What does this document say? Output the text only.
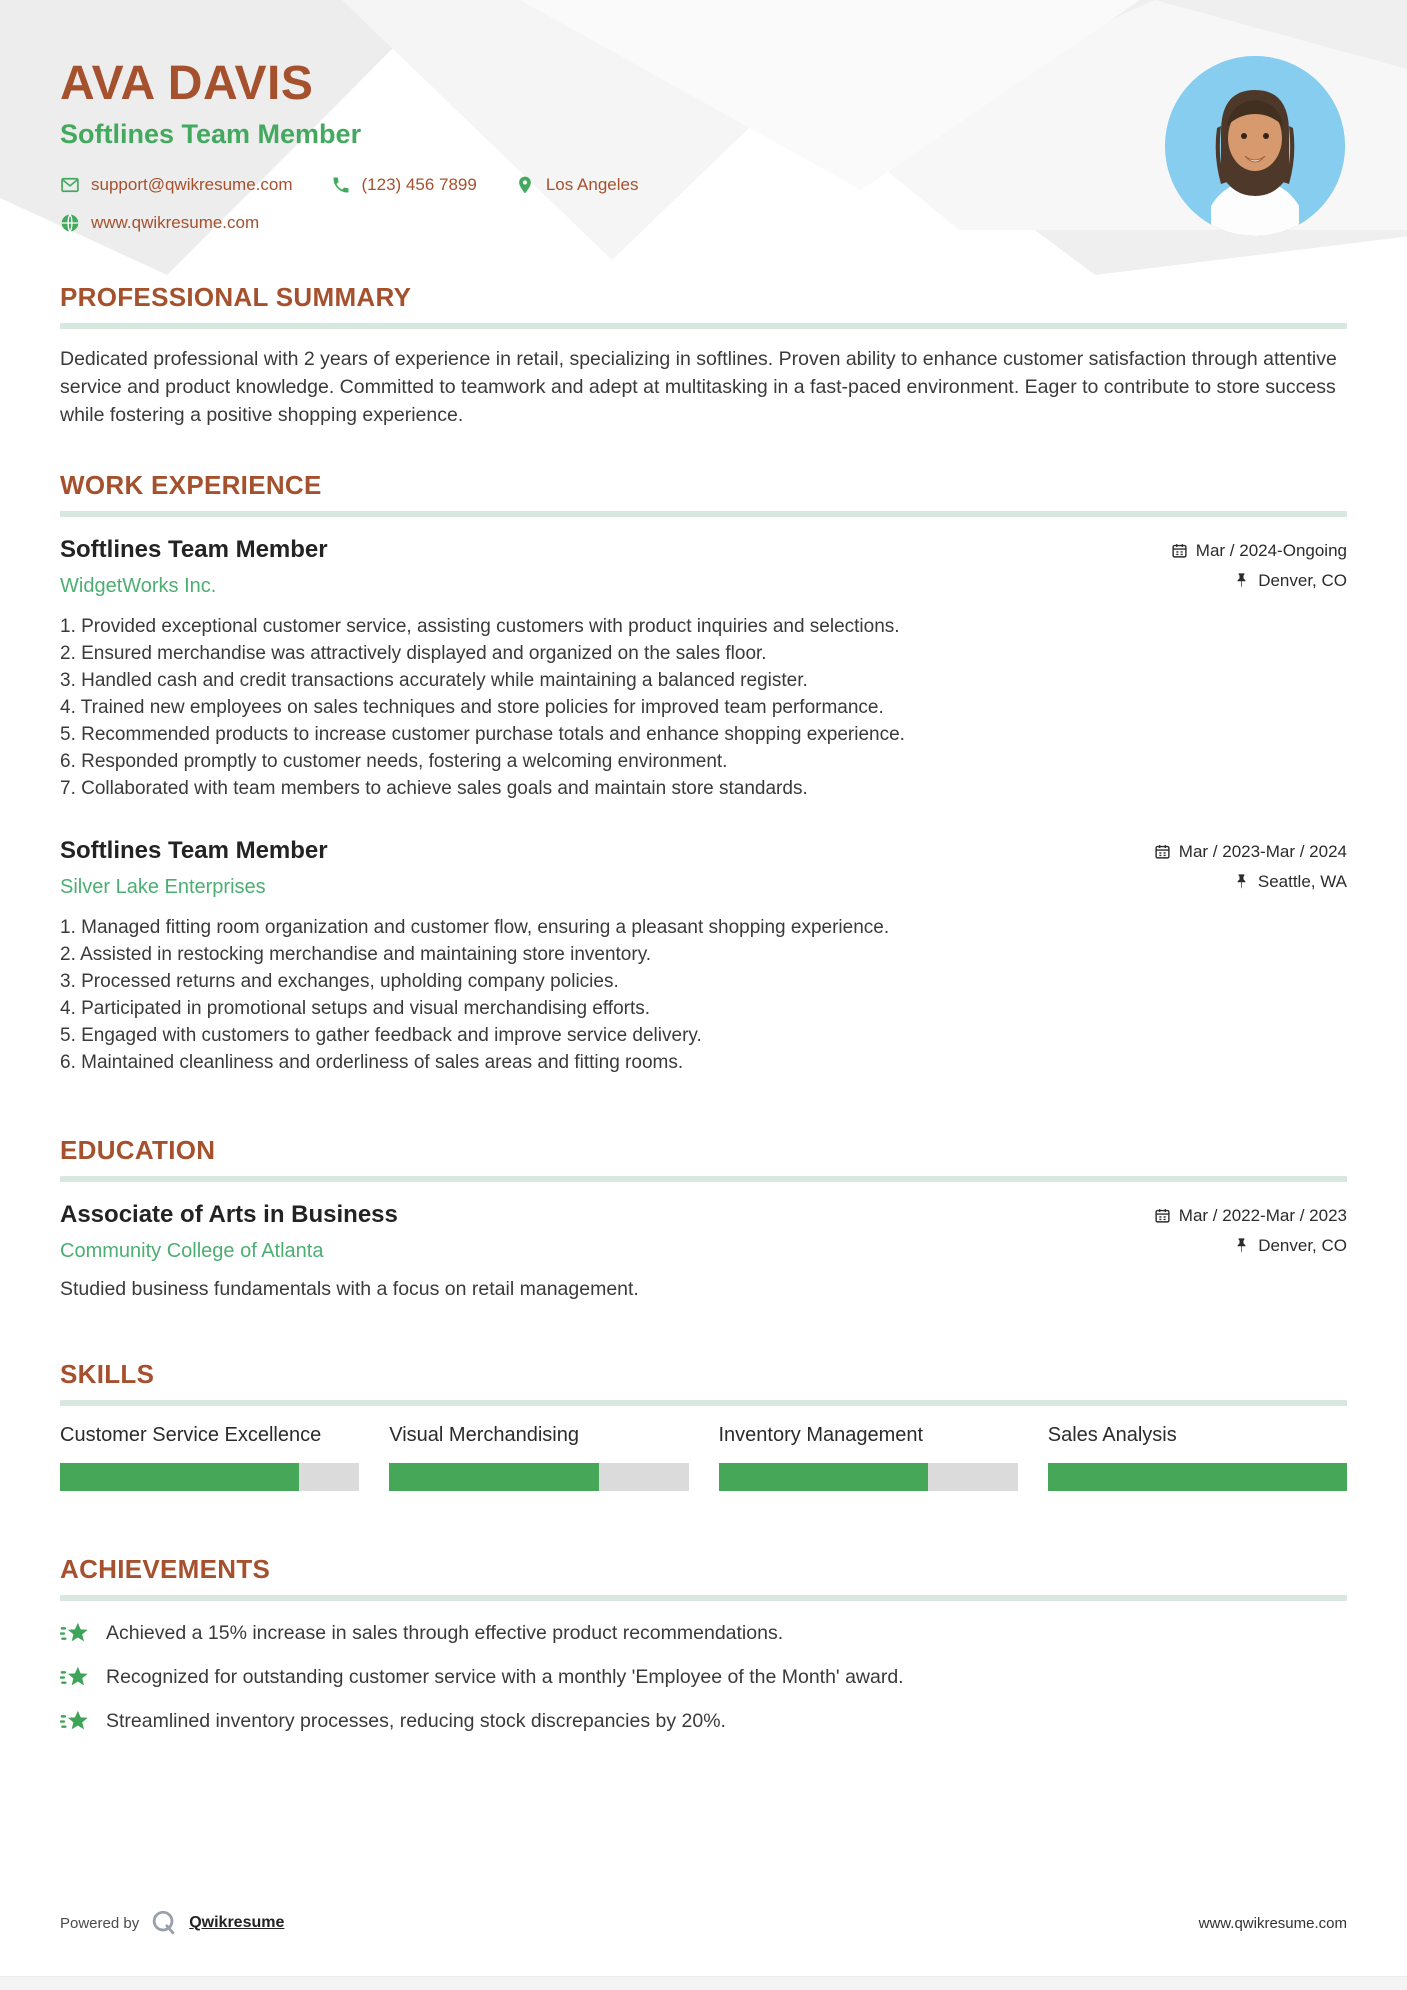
AVA DAVIS
Softlines Team Member
support@qwikresume.com	(123) 456 7899	Los Angeles
www.qwikresume.com
PROFESSIONAL SUMMARY

Dedicated professional with 2 years of experience in retail, specializing in softlines. Proven ability to enhance customer satisfaction through attentive service and product knowledge. Committed to teamwork and adept at multitasking in a fast-paced environment. Eager to contribute to store success while fostering a positive shopping experience.

WORK EXPERIENCE
Softlines Team Member
WidgetWorks Inc.
Mar / 2024-Ongoing
Denver, CO
1. Provided exceptional customer service, assisting customers with product inquiries and selections.
2. Ensured merchandise was attractively displayed and organized on the sales floor.
3. Handled cash and credit transactions accurately while maintaining a balanced register.
4. Trained new employees on sales techniques and store policies for improved team performance.
5. Recommended products to increase customer purchase totals and enhance shopping experience.
6. Responded promptly to customer needs, fostering a welcoming environment.
7. Collaborated with team members to achieve sales goals and maintain store standards.
Softlines Team Member
Silver Lake Enterprises
Mar / 2023-Mar / 2024
Seattle, WA
1. Managed fitting room organization and customer flow, ensuring a pleasant shopping experience.
2. Assisted in restocking merchandise and maintaining store inventory.
3. Processed returns and exchanges, upholding company policies.
4. Participated in promotional setups and visual merchandising efforts.
5. Engaged with customers to gather feedback and improve service delivery.
6. Maintained cleanliness and orderliness of sales areas and fitting rooms.
EDUCATION
Associate of Arts in Business
Community College of Atlanta
Mar / 2022-Mar / 2023
Denver, CO
Studied business fundamentals with a focus on retail management.
SKILLS
Customer Service Excellence	Visual Merchandising	Inventory Management	Sales Analysis
ACHIEVEMENTS
Achieved a 15% increase in sales through effective product recommendations.
Recognized for outstanding customer service with a monthly 'Employee of the Month' award.
Streamlined inventory processes, reducing stock discrepancies by 20%.
Powered by	Qwikresume	www.qwikresume.com
